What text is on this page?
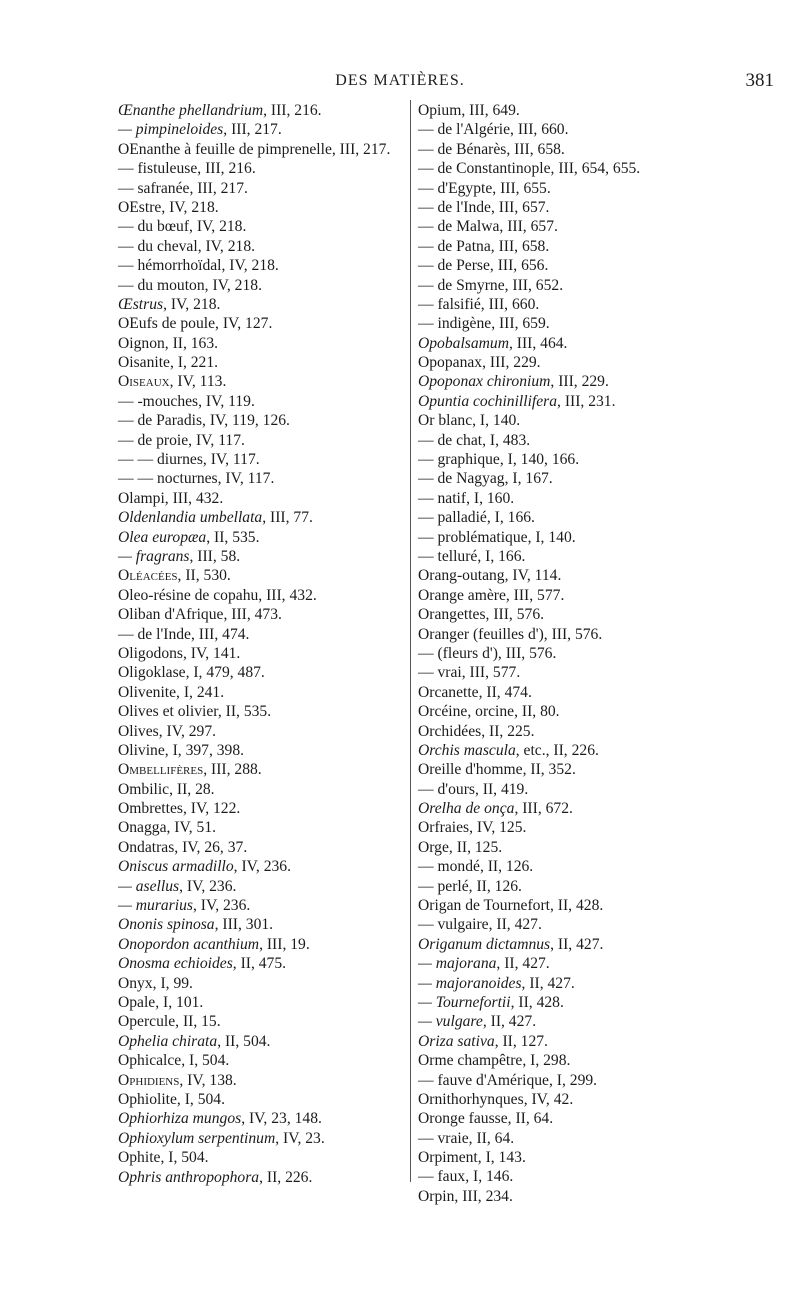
DES MATIÈRES.	381
Œnanthe phellandrium, III, 216.
— pimpineloides, III, 217.
OEnanthe à feuille de pimprenelle, III, 217.
— fistuleuse, III, 216.
— safranée, III, 217.
OEstre, IV, 218.
— du bœuf, IV, 218.
— du cheval, IV, 218.
— hémorrhoïdal, IV, 218.
— du mouton, IV, 218.
Œstrus, IV, 218.
OEufs de poule, IV, 127.
Oignon, II, 163.
Oisanite, I, 221.
Oiseaux, IV, 113.
— -mouches, IV, 119.
— de Paradis, IV, 119, 126.
— de proie, IV, 117.
— — diurnes, IV, 117.
— — nocturnes, IV, 117.
Olampi, III, 432.
Oldenlandia umbellata, III, 77.
Olea europæa, II, 535.
— fragrans, III, 58.
Oléacées, II, 530.
Oleo-résine de copahu, III, 432.
Oliban d'Afrique, III, 473.
— de l'Inde, III, 474.
Oligodons, IV, 141.
Oligoklase, I, 479, 487.
Olivenite, I, 241.
Olives et olivier, II, 535.
Olives, IV, 297.
Olivine, I, 397, 398.
Ombellifères, III, 288.
Ombilic, II, 28.
Ombrettes, IV, 122.
Onagga, IV, 51.
Ondatras, IV, 26, 37.
Oniscus armadillo, IV, 236.
— asellus, IV, 236.
— murarius, IV, 236.
Ononis spinosa, III, 301.
Onopordon acanthium, III, 19.
Onosma echioides, II, 475.
Onyx, I, 99.
Opale, I, 101.
Opercule, II, 15.
Ophelia chirata, II, 504.
Ophicalce, I, 504.
Ophidiens, IV, 138.
Ophiolite, I, 504.
Ophiorhiza mungos, IV, 23, 148.
Ophioxylum serpentinum, IV, 23.
Ophite, I, 504.
Ophris anthropophora, II, 226.
Opium, III, 649.
— de l'Algérie, III, 660.
— de Bénarès, III, 658.
— de Constantinople, III, 654, 655.
— d'Egypte, III, 655.
— de l'Inde, III, 657.
— de Malwa, III, 657.
— de Patna, III, 658.
— de Perse, III, 656.
— de Smyrne, III, 652.
— falsifié, III, 660.
— indigène, III, 659.
Opobalsamum, III, 464.
Opopanax, III, 229.
Opoponax chironium, III, 229.
Opuntia cochinillifera, III, 231.
Or blanc, I, 140.
— de chat, I, 483.
— graphique, I, 140, 166.
— de Nagyag, I, 167.
— natif, I, 160.
— palladié, I, 166.
— problématique, I, 140.
— telluré, I, 166.
Orang-outang, IV, 114.
Orange amère, III, 577.
Orangettes, III, 576.
Oranger (feuilles d'), III, 576.
— (fleurs d'), III, 576.
— vrai, III, 577.
Orcanette, II, 474.
Orcéine, orcine, II, 80.
Orchidées, II, 225.
Orchis mascula, etc., II, 226.
Oreille d'homme, II, 352.
— d'ours, II, 419.
Orelha de onça, III, 672.
Orfraies, IV, 125.
Orge, II, 125.
— mondé, II, 126.
— perlé, II, 126.
Origan de Tournefort, II, 428.
— vulgaire, II, 427.
Origanum dictamnus, II, 427.
— majorana, II, 427.
— majoranoides, II, 427.
— Tournefortii, II, 428.
— vulgare, II, 427.
Oriza sativa, II, 127.
Orme champêtre, I, 298.
— fauve d'Amérique, I, 299.
Ornithorhynques, IV, 42.
Oronge fausse, II, 64.
— vraie, II, 64.
Orpiment, I, 143.
— faux, I, 146.
Orpin, III, 234.
